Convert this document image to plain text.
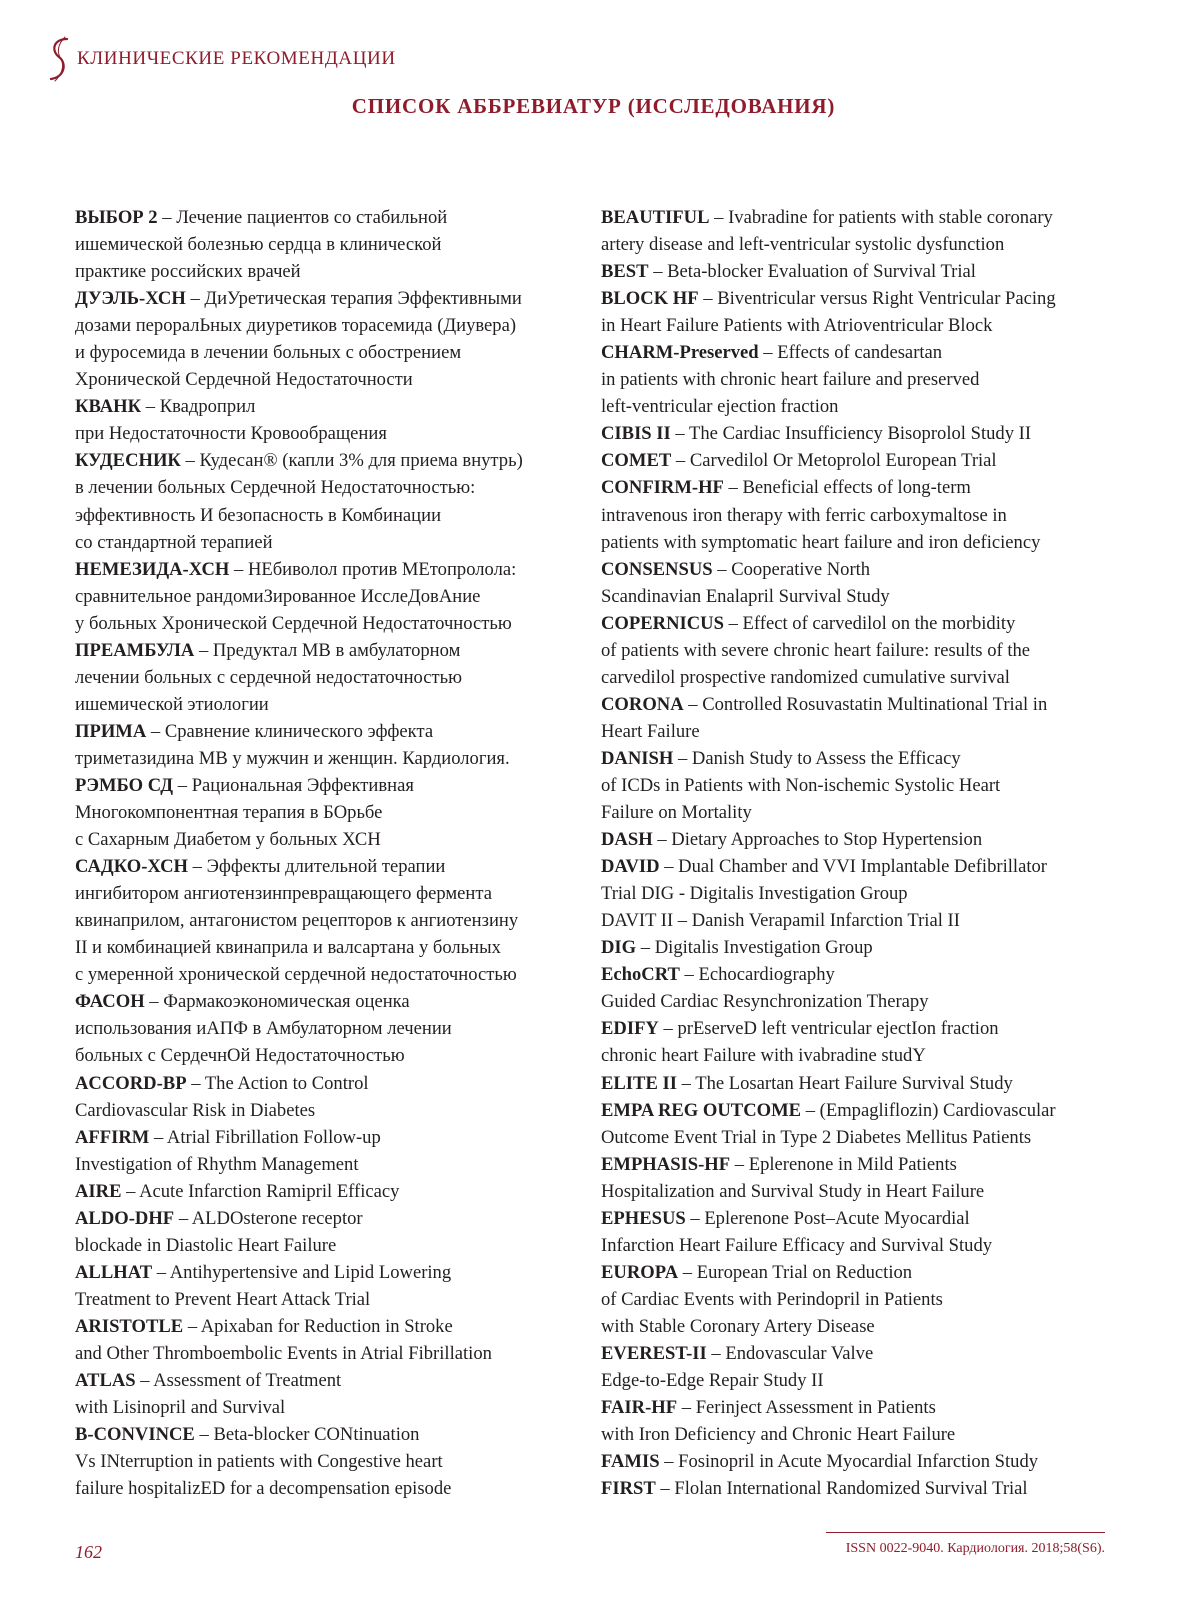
КЛИНИЧЕСКИЕ РЕКОМЕНДАЦИИ
СПИСОК АББРЕВИАТУР (ИССЛЕДОВАНИЯ)
ВЫБОР 2 – Лечение пациентов со стабильной
ишемической болезнью сердца в клинической
практике российских врачей
ДУЭЛЬ-ХСН – ДиУретическая терапия Эффективными
дозами пероралЬных диуретиков торасемида (Диувера)
и фуросемида в лечении больных с обострением
Хронической Сердечной Недостаточности
КВАНК – Квадроприл
при Недостаточности Кровообращения
КУДЕСНИК – Кудесан® (капли 3% для приема внутрь)
в лечении больных Сердечной Недостаточностью:
эффективность И безопасность в Комбинации
со стандартной терапией
НЕМЕЗИДА-ХСН – НЕбиволол против МЕтопролола:
сравнительное рандомиЗированное ИсслеДовАние
у больных Хронической Сердечной Недостаточностью
ПРЕАМБУЛА – Предуктал МВ в амбулаторном
лечении больных с сердечной недостаточностью
ишемической этиологии
ПРИМА – Сравнение клинического эффекта
триметазидина МВ у мужчин и женщин. Кардиология.
РЭМБО СД – Рациональная Эффективная
Многокомпонентная терапия в БОрьбе
с Сахарным Диабетом у больных ХСН
САДКО-ХСН – Эффекты длительной терапии
ингибитором ангиотензинпревращающего фермента
квинаприлом, антагонистом рецепторов к ангиотензину
II и комбинацией квинаприла и валсартана у больных
с умеренной хронической сердечной недостаточностью
ФАСОН – Фармакоэкономическая оценка
использования иАПФ в Амбулаторном лечении
больных с СердечнОй Недостаточностью
ACCORD-BP – The Action to Control
Cardiovascular Risk in Diabetes
AFFIRM – Atrial Fibrillation Follow-up
Investigation of Rhythm Management
AIRE – Acute Infarction Ramipril Efficacy
ALDO-DHF – ALDOsterone receptor
blockade in Diastolic Heart Failure
ALLHAT – Antihypertensive and Lipid Lowering
Treatment to Prevent Heart Attack Trial
ARISTOTLE – Apixaban for Reduction in Stroke
and Other Thromboembolic Events in Atrial Fibrillation
ATLAS – Assessment of Treatment
with Lisinopril and Survival
B-CONVINCE – Beta-blocker CONtinuation
Vs INterruption in patients with Congestive heart
failure hospitalizED for a decompensation episode
BEAUTIFUL – Ivabradine for patients with stable coronary
artery disease and left-ventricular systolic dysfunction
BEST – Beta-blocker Evaluation of Survival Trial
BLOCK HF – Biventricular versus Right Ventricular Pacing
in Heart Failure Patients with Atrioventricular Block
CHARM-Preserved – Effects of candesartan
in patients with chronic heart failure and preserved
left-ventricular ejection fraction
CIBIS II – The Cardiac Insufficiency Bisoprolol Study II
COMET – Carvedilol Or Metoprolol European Trial
CONFIRM-HF – Beneficial effects of long-term
intravenous iron therapy with ferric carboxymaltose in
patients with symptomatic heart failure and iron deficiency
CONSENSUS – Cooperative North
Scandinavian Enalapril Survival Study
COPERNICUS – Effect of carvedilol on the morbidity
of patients with severe chronic heart failure: results of the
carvedilol prospective randomized cumulative survival
CORONA – Controlled Rosuvastatin Multinational Trial in
Heart Failure
DANISH – Danish Study to Assess the Efficacy
of ICDs in Patients with Non-ischemic Systolic Heart
Failure on Mortality
DASH – Dietary Approaches to Stop Hypertension
DAVID – Dual Chamber and VVI Implantable Defibrillator
Trial DIG - Digitalis Investigation Group
DAVIT II – Danish Verapamil Infarction Trial II
DIG – Digitalis Investigation Group
EchoCRT – Echocardiography
Guided Cardiac Resynchronization Therapy
EDIFY – prEserveD left ventricular ejectIon fraction
chronic heart Failure with ivabradine studY
ELITE II – The Losartan Heart Failure Survival Study
EMPA REG OUTCOME – (Empagliflozin) Cardiovascular
Outcome Event Trial in Type 2 Diabetes Mellitus Patients
EMPHASIS-HF – Eplerenone in Mild Patients
Hospitalization and Survival Study in Heart Failure
EPHESUS – Eplerenone Post–Acute Myocardial
Infarction Heart Failure Efficacy and Survival Study
EUROPA – European Trial on Reduction
of Cardiac Events with Perindopril in Patients
with Stable Coronary Artery Disease
EVEREST-II – Endovascular Valve
Edge-to-Edge Repair Study II
FAIR-HF – Ferinject Assessment in Patients
with Iron Deficiency and Chronic Heart Failure
FAMIS – Fosinopril in Acute Myocardial Infarction Study
FIRST – Flolan International Randomized Survival Trial
162	ISSN 0022-9040. Кардиология. 2018;58(S6).
